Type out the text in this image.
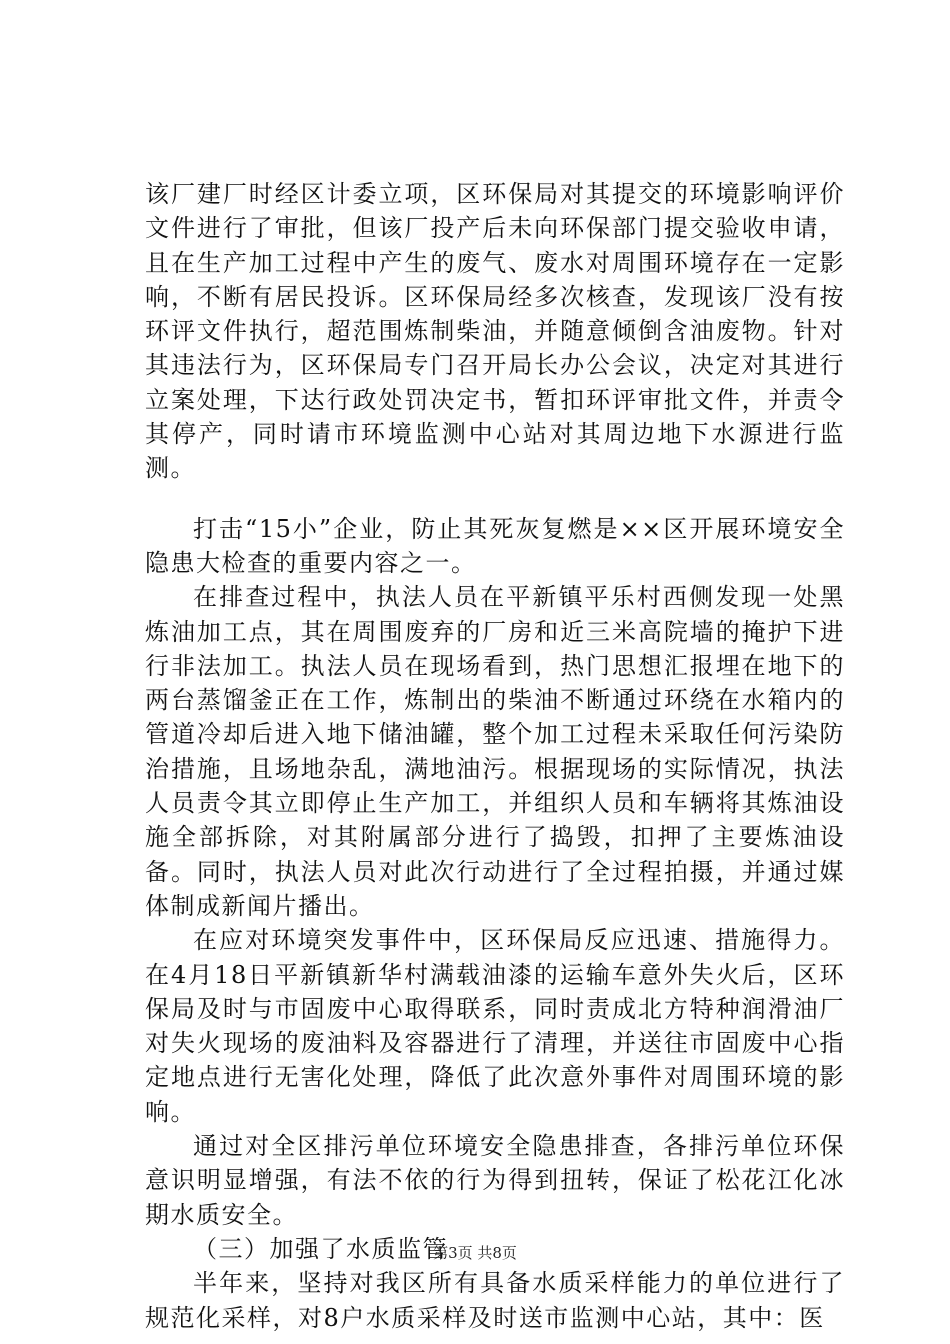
该厂建厂时经区计委立项，区环保局对其提交的环境影响评价文件进行了审批，但该厂投产后未向环保部门提交验收申请，且在生产加工过程中产生的废气、废水对周围环境存在一定影响，不断有居民投诉。区环保局经多次核查，发现该厂没有按环评文件执行，超范围炼制柴油，并随意倾倒含油废物。针对其违法行为，区环保局专门召开局长办公会议，决定对其进行立案处理，下达行政处罚决定书，暂扣环评审批文件，并责令其停产，同时请市环境监测中心站对其周边地下水源进行监测。

打击“15小”企业，防止其死灰复燃是××区开展环境安全隐患大检查的重要内容之一。

在排查过程中，执法人员在平新镇平乐村西侧发现一处黑炼油加工点，其在周围废弃的厂房和近三米高院墙的掩护下进行非法加工。执法人员在现场看到，热门思想汇报埋在地下的两台蒸馏釜正在工作，炼制出的柴油不断通过环绕在水箱内的管道冷却后进入地下储油罐，整个加工过程未采取任何污染防治措施，且场地杂乱，满地油污。根据现场的实际情况，执法人员责令其立即停止生产加工，并组织人员和车辆将其炼油设施全部拆除，对其附属部分进行了捣毁，扣押了主要炼油设备。同时，执法人员对此次行动进行了全过程拍摄，并通过媒体制成新闻片播出。

在应对环境突发事件中，区环保局反应迅速、措施得力。在4月18日平新镇新华村满载油漆的运输车意外失火后，区环保局及时与市固废中心取得联系，同时责成北方特种润滑油厂对失火现场的废油料及容器进行了清理，并送往市固废中心指定地点进行无害化处理，降低了此次意外事件对周围环境的影响。

通过对全区排污单位环境安全隐患排查，各排污单位环保意识明显增强，有法不依的行为得到扭转，保证了松花江化冰期水质安全。

（三）加强了水质监管

半年来，坚持对我区所有具备水质采样能力的单位进行了规范化采样，对8户水质采样及时送市监测中心站，其中：医

第3页 共8页
